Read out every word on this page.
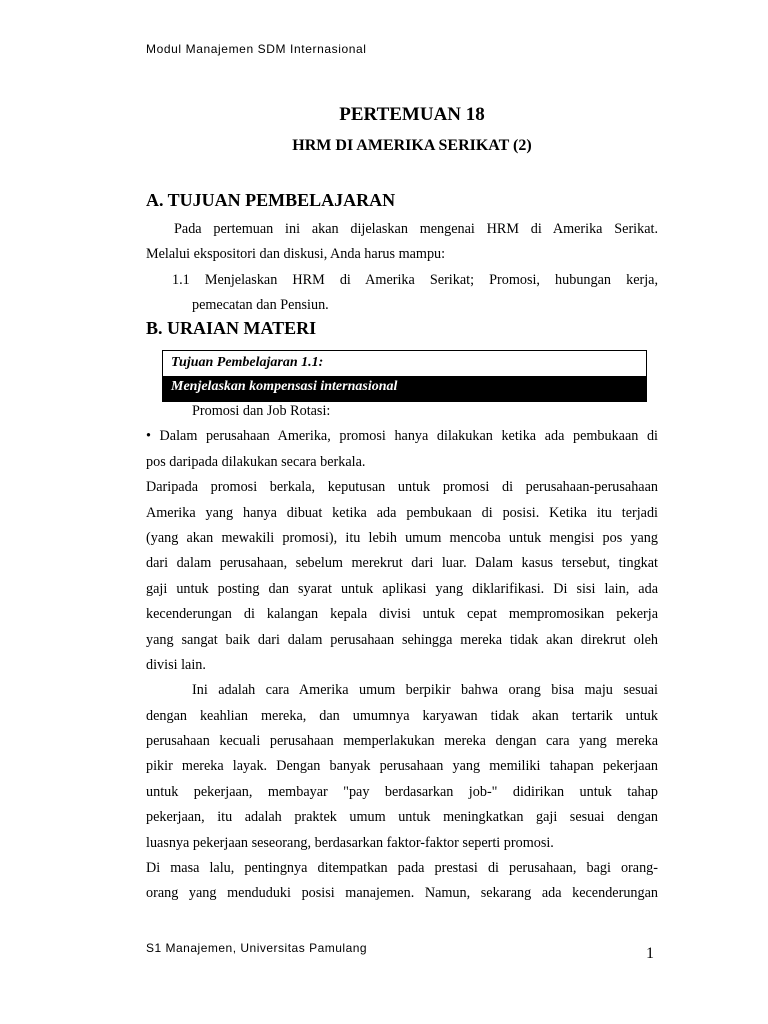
Modul Manajemen SDM Internasional
PERTEMUAN 18
HRM DI AMERIKA SERIKAT (2)
A. TUJUAN PEMBELAJARAN
Pada pertemuan ini akan dijelaskan mengenai HRM di Amerika Serikat.
Melalui ekspositori dan diskusi, Anda harus mampu:
1.1 Menjelaskan HRM di Amerika Serikat; Promosi, hubungan kerja,
pemecatan dan Pensiun.
B. URAIAN MATERI
Tujuan Pembelajaran 1.1:
Menjelaskan kompensasi internasional
Promosi dan Job Rotasi:
• Dalam perusahaan Amerika, promosi hanya dilakukan ketika ada pembukaan di
pos daripada dilakukan secara berkala.
Daripada promosi berkala, keputusan untuk promosi di perusahaan-perusahaan
Amerika yang hanya dibuat ketika ada pembukaan di posisi. Ketika itu terjadi
(yang akan mewakili promosi), itu lebih umum mencoba untuk mengisi pos yang
dari dalam perusahaan, sebelum merekrut dari luar. Dalam kasus tersebut, tingkat
gaji untuk posting dan syarat untuk aplikasi yang diklarifikasi. Di sisi lain, ada
kecenderungan di kalangan kepala divisi untuk cepat mempromosikan pekerja
yang sangat baik dari dalam perusahaan sehingga mereka tidak akan direkrut oleh
divisi lain.
Ini adalah cara Amerika umum berpikir bahwa orang bisa maju sesuai
dengan keahlian mereka, dan umumnya karyawan tidak akan tertarik untuk
perusahaan kecuali perusahaan memperlakukan mereka dengan cara yang mereka
pikir mereka layak. Dengan banyak perusahaan yang memiliki tahapan pekerjaan
untuk pekerjaan, membayar "pay berdasarkan job-" didirikan untuk tahap
pekerjaan, itu adalah praktek umum untuk meningkatkan gaji sesuai dengan
luasnya pekerjaan seseorang, berdasarkan faktor-faktor seperti promosi.
Di masa lalu, pentingnya ditempatkan pada prestasi di perusahaan, bagi orang-
orang yang menduduki posisi manajemen. Namun, sekarang ada kecenderungan
S1 Manajemen, Universitas Pamulang	1
